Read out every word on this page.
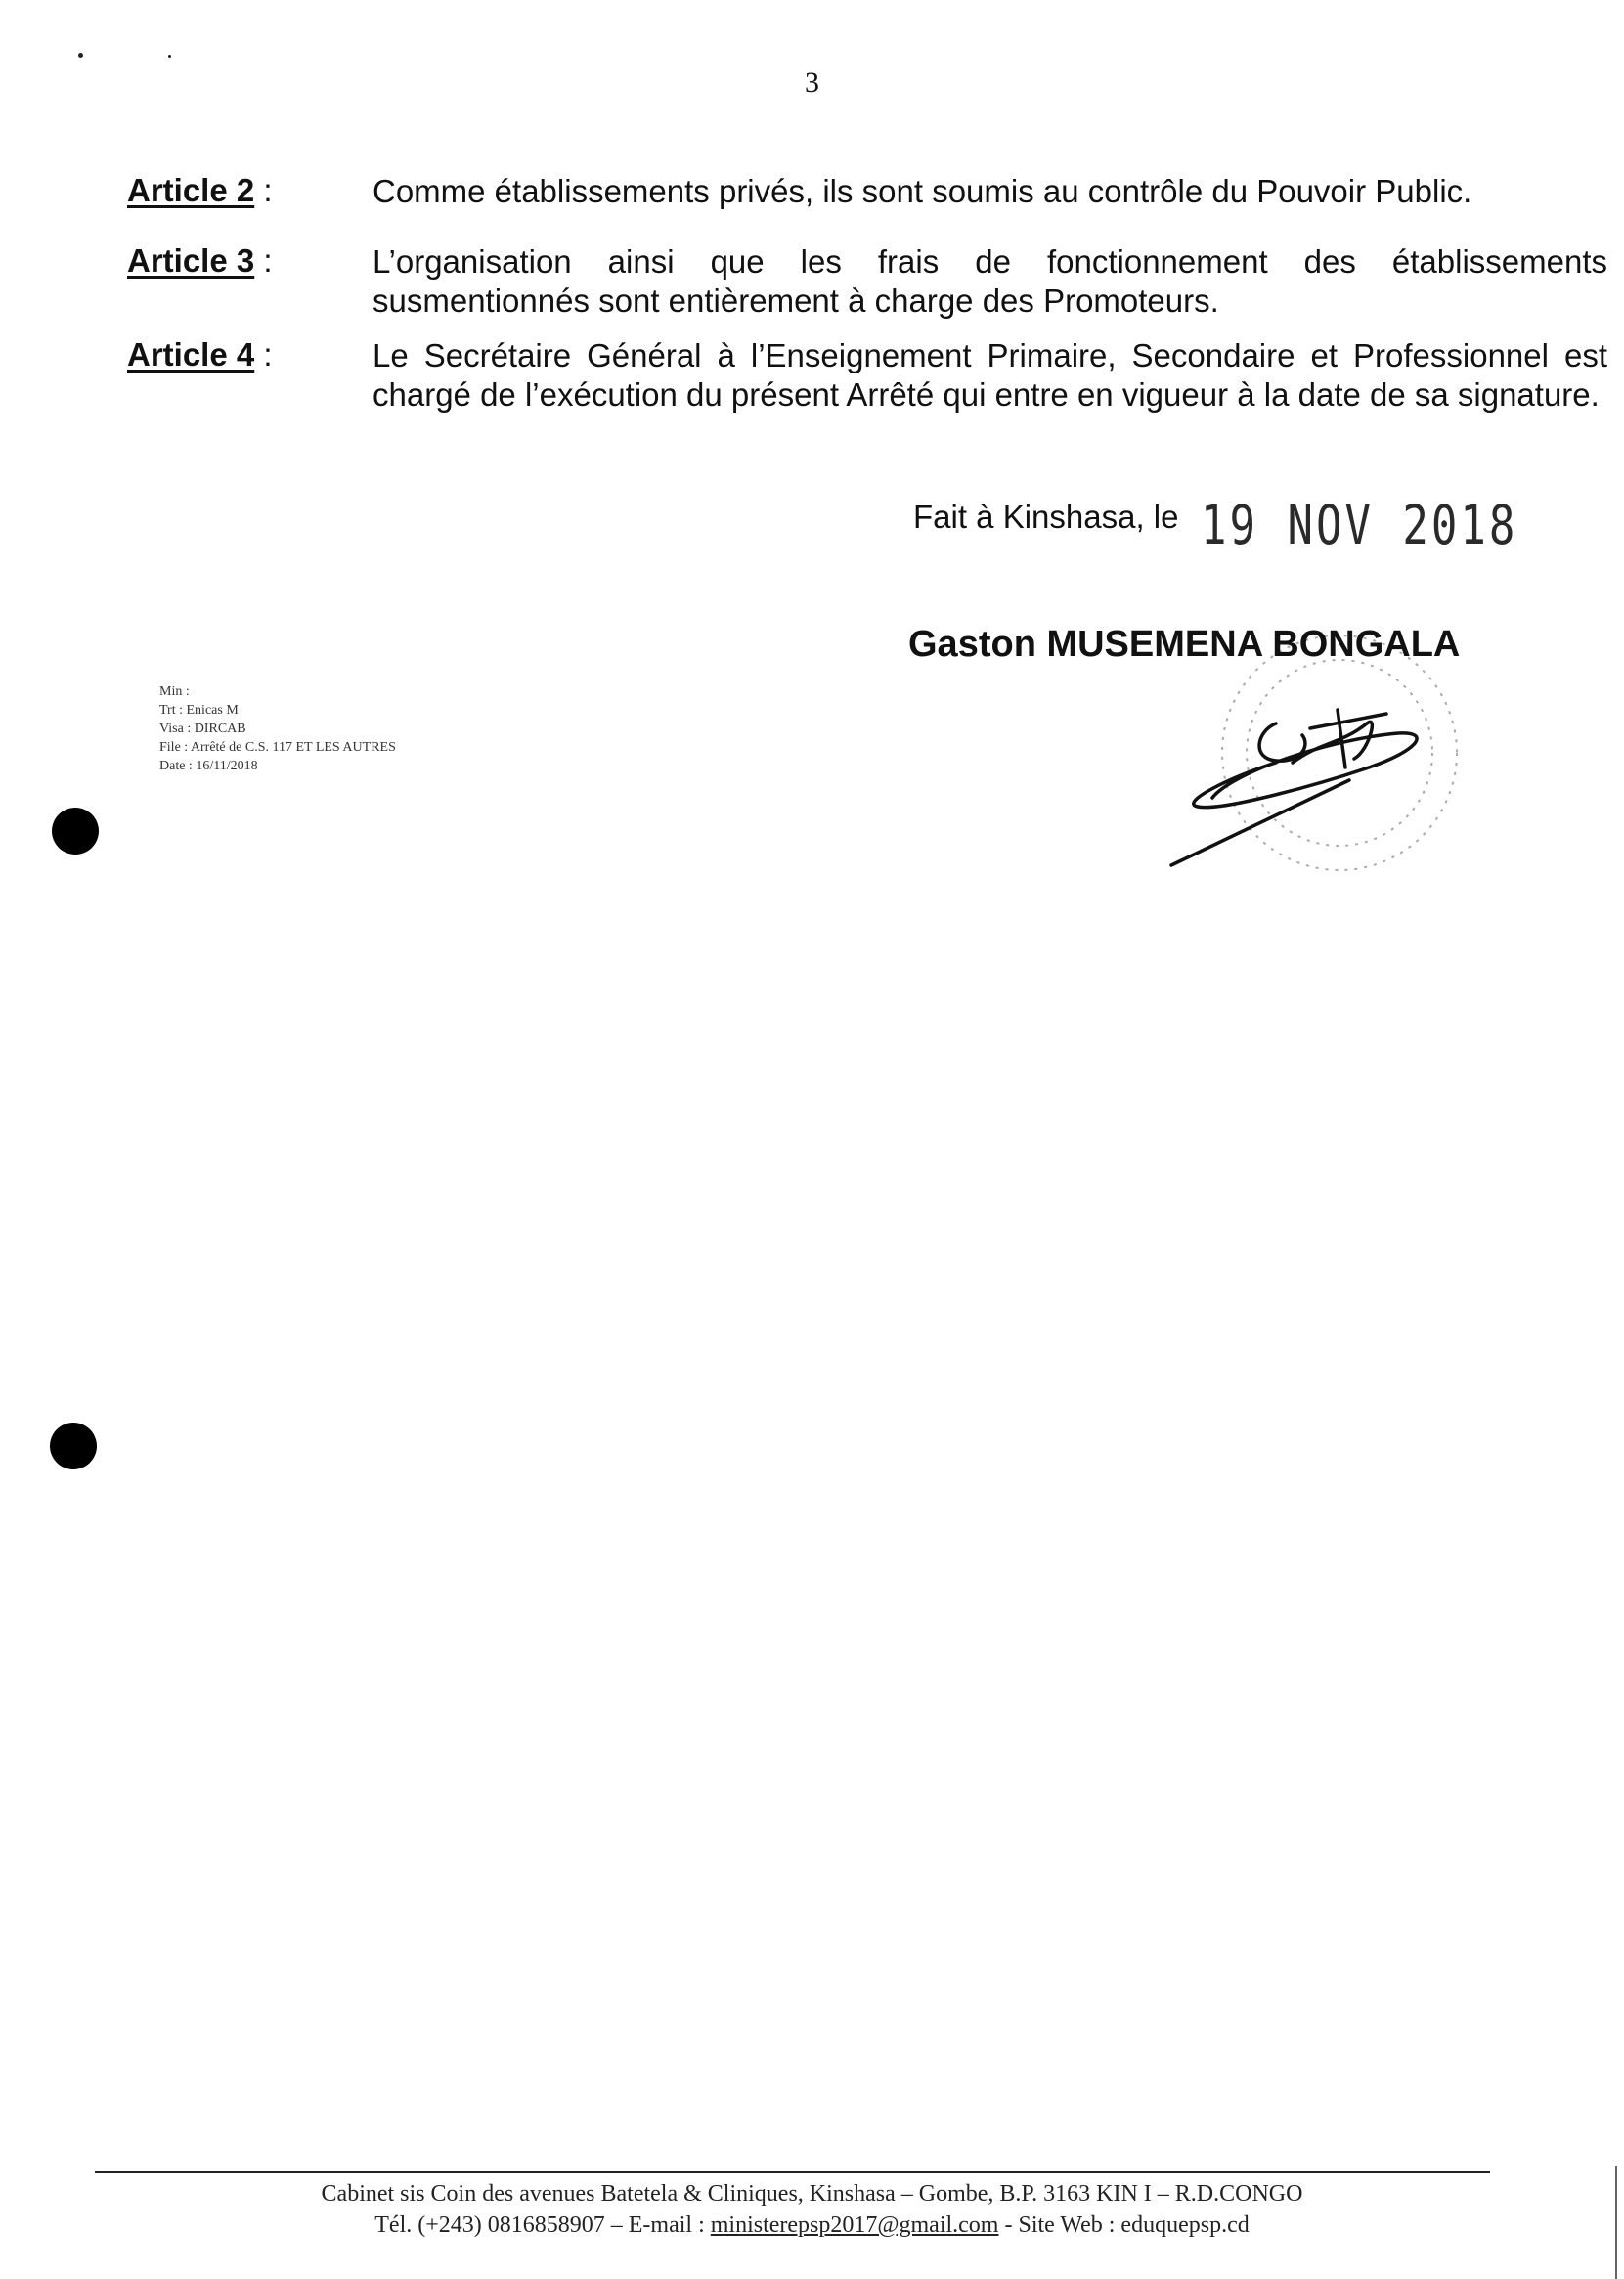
3
Article 2 :	Comme établissements privés, ils sont soumis au contrôle du Pouvoir Public.
Article 3 :	L’organisation ainsi que les frais de fonctionnement des établissements susmentionnés sont entièrement à charge des Promoteurs.
Article 4 :	Le Secrétaire Général à l’Enseignement Primaire, Secondaire et Professionnel est chargé de l’exécution du présent Arrêté qui entre en vigueur à la date de sa signature.
Fait à Kinshasa, le 19 NOV 2018
Gaston MUSEMENA BONGALA
Min :
Trt : Enicas M
Visa : DIRCAB
File : Arrêté de C.S. 117 ET LES AUTRES
Date : 16/11/2018
Cabinet sis Coin des avenues Batetela & Cliniques, Kinshasa – Gombe, B.P. 3163 KIN I – R.D.CONGO
Tél. (+243) 0816858907 – E-mail : ministerepsp2017@gmail.com - Site Web : eduquepsp.cd
